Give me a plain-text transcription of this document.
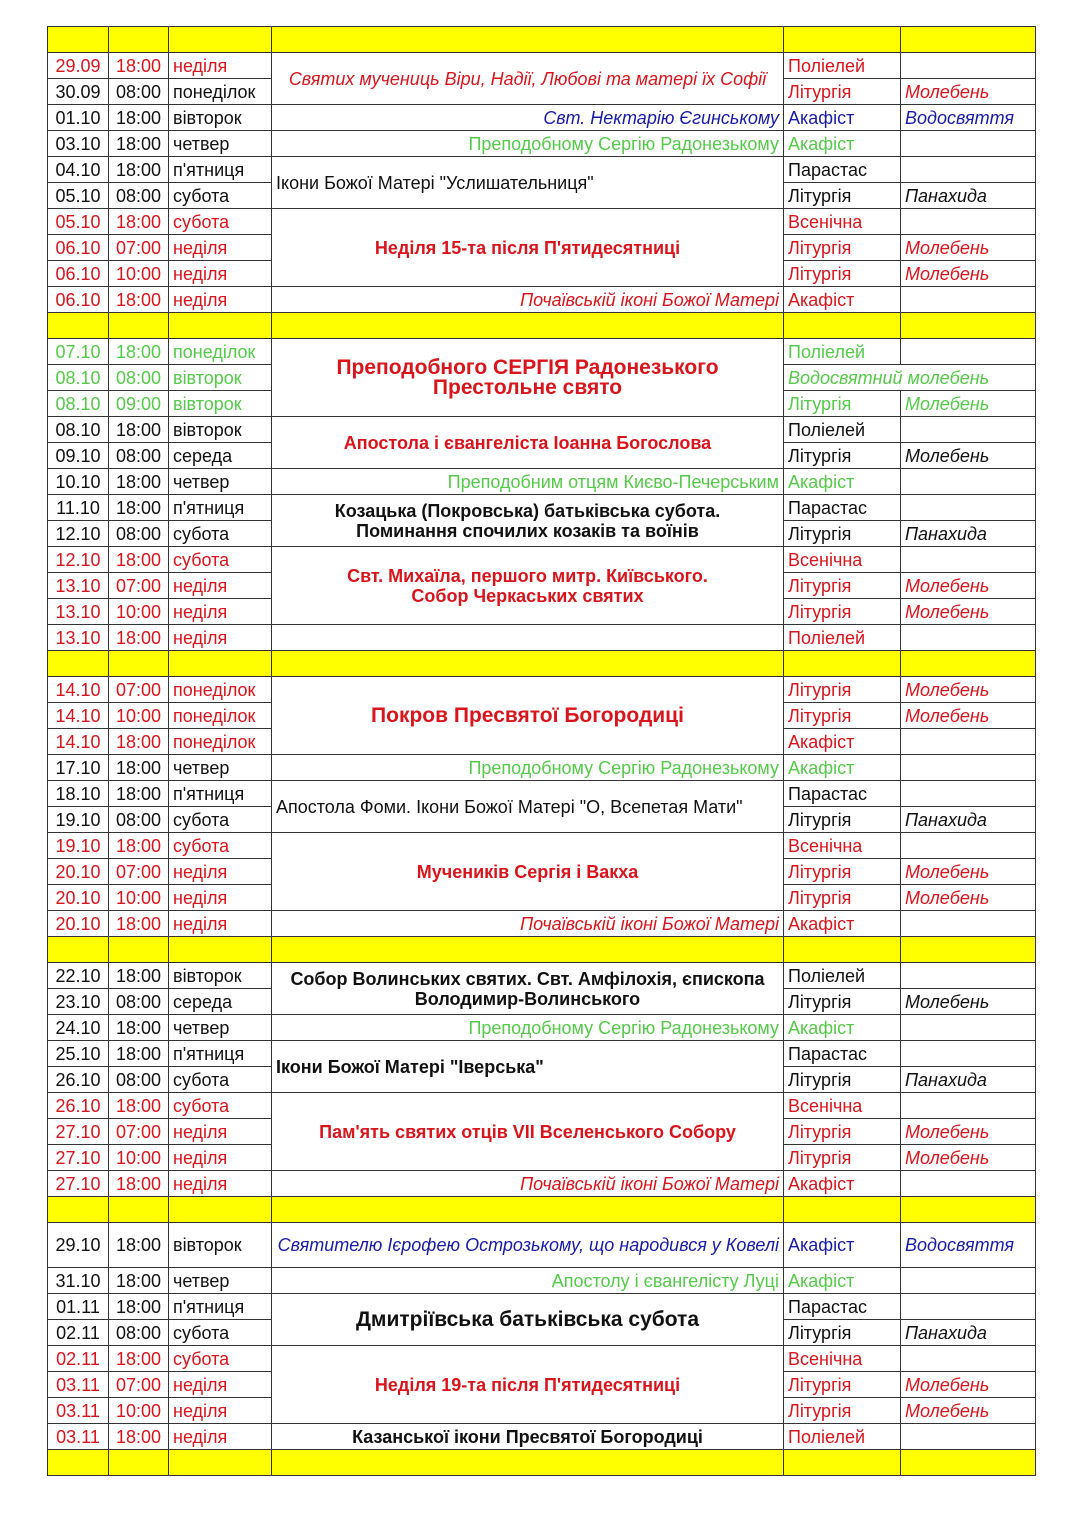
29.09	18:00	неділя	Святих мучениць Віри, Надії, Любові та матері їх Софії	Поліелей	
30.09	08:00	понеділок		Літургія	Молебень
01.10	18:00	вівторок	Свт. Нектарію Єгинському	Акафіст	Водосвяття
03.10	18:00	четвер	Преподобному Сергію Радонезькому	Акафіст	
04.10	18:00	п'ятниця	Ікони Божої Матері "Услишательниця"	Парастас	
05.10	08:00	субота		Літургія	Панахида
05.10	18:00	субота	Неділя 15-та після П'ятидесятниці	Всенічна	
06.10	07:00	неділя		Літургія	Молебень
06.10	10:00	неділя		Літургія	Молебень
06.10	18:00	неділя	Почаївській іконі Божої Матері	Акафіст	

07.10	18:00	понеділок	Преподобного СЕРГІЯ Радонезького
Престольне свято	Поліелей	
08.10	08:00	вівторок		Водосвятний молебень	
08.10	09:00	вівторок		Літургія	Молебень
08.10	18:00	вівторок	Апостола і євангеліста Іоанна Богослова	Поліелей	
09.10	08:00	середа		Літургія	Молебень
10.10	18:00	четвер	Преподобним отцям Києво-Печерським	Акафіст	
11.10	18:00	п'ятниця	Козацька (Покровська) батьківська субота.
Поминання спочилих козаків та воїнів	Парастас	
12.10	08:00	субота		Літургія	Панахида
12.10	18:00	субота	Свт. Михаїла, першого митр. Київського.
Собор Черкаських святих	Всенічна	
13.10	07:00	неділя		Літургія	Молебень
13.10	10:00	неділя		Літургія	Молебень
13.10	18:00	неділя		Поліелей	

14.10	07:00	понеділок	Покров Пресвятої Богородиці	Літургія	Молебень
14.10	10:00	понеділок		Літургія	Молебень
14.10	18:00	понеділок		Акафіст	
17.10	18:00	четвер	Преподобному Сергію Радонезькому	Акафіст	
18.10	18:00	п'ятниця	Апостола Фоми. Ікони Божої Матері "О, Всепетая Мати"	Парастас	
19.10	08:00	субота		Літургія	Панахида
19.10	18:00	субота	Мучеників Сергія і Вакха	Всенічна	
20.10	07:00	неділя		Літургія	Молебень
20.10	10:00	неділя		Літургія	Молебень
20.10	18:00	неділя	Почаївській іконі Божої Матері	Акафіст	

22.10	18:00	вівторок	Собор Волинських святих. Свт. Амфілохія, єпископа
Володимир-Волинського	Поліелей	
23.10	08:00	середа		Літургія	Молебень
24.10	18:00	четвер	Преподобному Сергію Радонезькому	Акафіст	
25.10	18:00	п'ятниця	Ікони Божої Матері "Іверська"	Парастас	
26.10	08:00	субота		Літургія	Панахида
26.10	18:00	субота	Пам'ять святих отців VII Вселенського Собору	Всенічна	
27.10	07:00	неділя		Літургія	Молебень
27.10	10:00	неділя		Літургія	Молебень
27.10	18:00	неділя	Почаївській іконі Божої Матері	Акафіст	

29.10	18:00	вівторок	Святителю Ієрофею Острозькому, що народився у Ковелі	Акафіст	Водосвяття
31.10	18:00	четвер	Апостолу і євангелісту Луці	Акафіст	
01.11	18:00	п'ятниця	Дмитріївська батьківська субота	Парастас	
02.11	08:00	субота		Літургія	Панахида
02.11	18:00	субота	Неділя 19-та після П'ятидесятниці	Всенічна	
03.11	07:00	неділя		Літургія	Молебень
03.11	10:00	неділя		Літургія	Молебень
03.11	18:00	неділя	Казанської ікони Пресвятої Богородиці	Поліелей	
